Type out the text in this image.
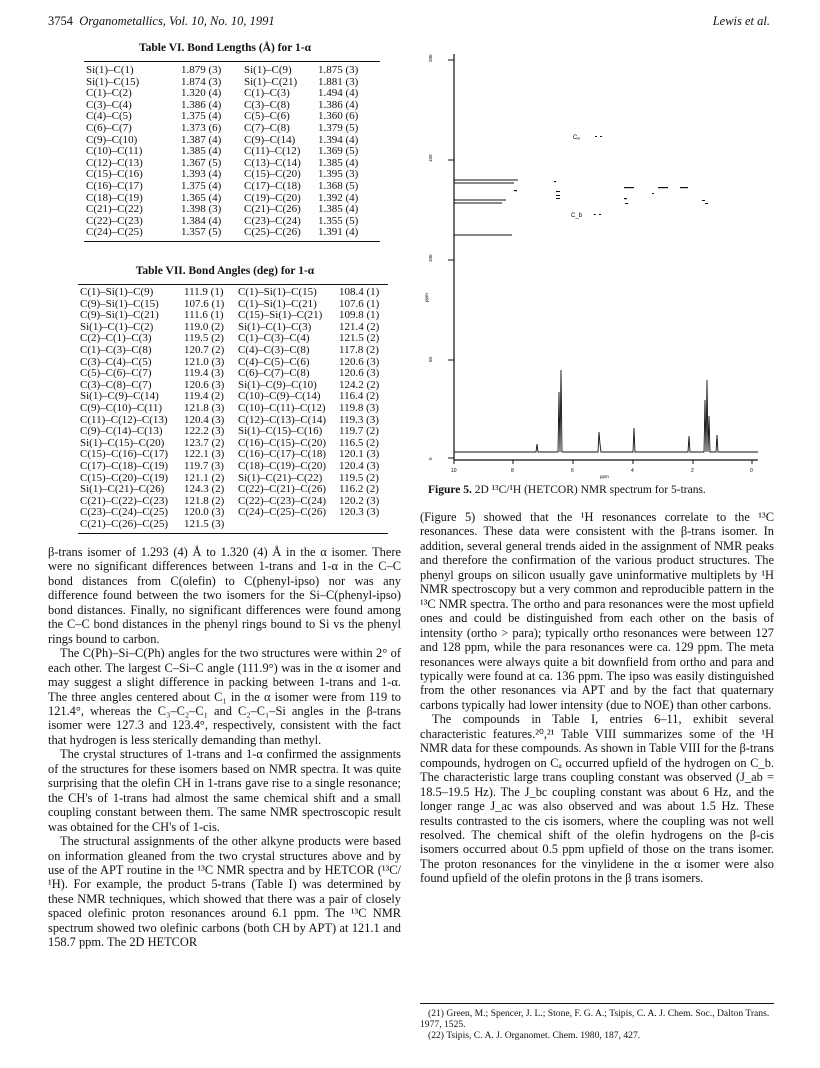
3754 Organometallics, Vol. 10, No. 10, 1991	Lewis et al.
Table VI. Bond Lengths (Å) for 1-α
Si(1)–C(1)	1.879 (3)	Si(1)–C(9)	1.875 (3)
Si(1)–C(15)	1.874 (3)	Si(1)–C(21)	1.881 (3)
C(1)–C(2)	1.320 (4)	C(1)–C(3)	1.494 (4)
C(3)–C(4)	1.386 (4)	C(3)–C(8)	1.386 (4)
C(4)–C(5)	1.375 (4)	C(5)–C(6)	1.360 (6)
C(6)–C(7)	1.373 (6)	C(7)–C(8)	1.379 (5)
C(9)–C(10)	1.387 (4)	C(9)–C(14)	1.394 (4)
C(10)–C(11)	1.385 (4)	C(11)–C(12)	1.369 (5)
C(12)–C(13)	1.367 (5)	C(13)–C(14)	1.385 (4)
C(15)–C(16)	1.393 (4)	C(15)–C(20)	1.395 (3)
C(16)–C(17)	1.375 (4)	C(17)–C(18)	1.368 (5)
C(18)–C(19)	1.365 (4)	C(19)–C(20)	1.392 (4)
C(21)–C(22)	1.398 (3)	C(21)–C(26)	1.385 (4)
C(22)–C(23)	1.384 (4)	C(23)–C(24)	1.355 (5)
C(24)–C(25)	1.357 (5)	C(25)–C(26)	1.391 (4)
Table VII. Bond Angles (deg) for 1-α
C(1)–Si(1)–C(9)	111.9 (1)	C(1)–Si(1)–C(15)	108.4 (1)
C(9)–Si(1)–C(15)	107.6 (1)	C(1)–Si(1)–C(21)	107.6 (1)
C(9)–Si(1)–C(21)	111.6 (1)	C(15)–Si(1)–C(21)	109.8 (1)
Si(1)–C(1)–C(2)	119.0 (2)	Si(1)–C(1)–C(3)	121.4 (2)
C(2)–C(1)–C(3)	119.5 (2)	C(1)–C(3)–C(4)	121.5 (2)
C(1)–C(3)–C(8)	120.7 (2)	C(4)–C(3)–C(8)	117.8 (2)
C(3)–C(4)–C(5)	121.0 (3)	C(4)–C(5)–C(6)	120.6 (3)
C(5)–C(6)–C(7)	119.4 (3)	C(6)–C(7)–C(8)	120.6 (3)
C(3)–C(8)–C(7)	120.6 (3)	Si(1)–C(9)–C(10)	124.2 (2)
Si(1)–C(9)–C(14)	119.4 (2)	C(10)–C(9)–C(14)	116.4 (2)
C(9)–C(10)–C(11)	121.8 (3)	C(10)–C(11)–C(12)	119.8 (3)
C(11)–C(12)–C(13)	120.4 (3)	C(12)–C(13)–C(14)	119.3 (3)
C(9)–C(14)–C(13)	122.2 (3)	Si(1)–C(15)–C(16)	119.7 (2)
Si(1)–C(15)–C(20)	123.7 (2)	C(16)–C(15)–C(20)	116.5 (2)
C(15)–C(16)–C(17)	122.1 (3)	C(16)–C(17)–C(18)	120.1 (3)
C(17)–C(18)–C(19)	119.7 (3)	C(18)–C(19)–C(20)	120.4 (3)
C(15)–C(20)–C(19)	121.1 (2)	Si(1)–C(21)–C(22)	119.5 (2)
Si(1)–C(21)–C(26)	124.3 (2)	C(22)–C(21)–C(26)	116.2 (2)
C(21)–C(22)–C(23)	121.8 (2)	C(22)–C(23)–C(24)	120.2 (3)
C(23)–C(24)–C(25)	120.0 (3)	C(24)–C(25)–C(26)	120.3 (3)
C(21)–C(26)–C(25)	121.5 (3)		

β-trans isomer of 1.293 (4) Å to 1.320 (4) Å in the α isomer. There were no significant differences between 1-trans and 1-α in the C–C bond distances from C(olefin) to C(phenyl-ipso) nor was any difference found between the two isomers for the Si–C(phenyl-ipso) bond distances. Finally, no significant differences were found among the C–C bond distances in the phenyl rings bound to Si vs the phenyl rings bound to carbon.

The C(Ph)–Si–C(Ph) angles for the two structures were within 2° of each other. The largest C–Si–C angle (111.9°) was in the α isomer and may suggest a slight difference in packing between 1-trans and 1-α. The three angles centered about C₁ in the α isomer were from 119 to 121.4°, whereas the C₃–C₂–C₁ and C₂–C₁–Si angles in the β-trans isomer were 127.3 and 123.4°, respectively, consistent with the fact that hydrogen is less sterically demanding than methyl.

The crystal structures of 1-trans and 1-α confirmed the assignments of the structures for these isomers based on NMR spectra. It was quite surprising that the olefin CH in 1-trans gave rise to a single resonance; the CH's of 1-trans had almost the same chemical shift and a small coupling constant between them. The same NMR spectroscopic result was obtained for the CH's of 1-cis.

The structural assignments of the other alkyne products were based on information gleaned from the two crystal structures above and by use of the APT routine in the ¹³C NMR spectra and by HETCOR (¹³C/¹H). For example, the product 5-trans (Table I) was determined by these NMR techniques, which showed that there was a pair of closely spaced olefinic proton resonances around 6.1 ppm. The ¹³C NMR spectrum showed two olefinic carbons (both CH by APT) at 121.1 and 158.7 ppm. The 2D HETCOR

200
150
100
50
0
ppm
Cₐ
C_b
10	8	6	4	2	0
ppm
Figure 5. 2D ¹³C/¹H (HETCOR) NMR spectrum for 5-trans.

(Figure 5) showed that the ¹H resonances correlate to the ¹³C resonances. These data were consistent with the β-trans isomer. In addition, several general trends aided in the assignment of NMR peaks and therefore the confirmation of the various product structures. The phenyl groups on silicon usually gave uninformative multiplets by ¹H NMR spectroscopy but a very common and reproducible pattern in the ¹³C NMR spectra. The ortho and para resonances were the most upfield ones and could be distinguished from each other on the basis of intensity (ortho > para); typically ortho resonances were between 127 and 128 ppm, while the para resonances were ca. 129 ppm. The meta resonances were always quite a bit downfield from ortho and para and typically were found at ca. 136 ppm. The ipso was easily distinguished from the other resonances via APT and by the fact that quaternary carbons typically had lower intensity (due to NOE) than other carbons.

The compounds in Table I, entries 6–11, exhibit several characteristic features.²⁰,²¹ Table VIII summarizes some of the ¹H NMR data for these compounds. As shown in Table VIII for the β-trans compounds, hydrogen on Cₐ occurred upfield of the hydrogen on C_b. The characteristic large trans coupling constant was observed (J_ab = 18.5–19.5 Hz). The J_bc coupling constant was about 6 Hz, and the longer range J_ac was also observed and was about 1.5 Hz. These results contrasted to the cis isomers, where the coupling was not well resolved. The chemical shift of the olefin hydrogens on the β-cis isomers occurred about 0.5 ppm upfield of those on the trans isomer. The proton resonances for the vinylidene in the α isomer were also found upfield of the olefin protons in the β trans isomers.

(21) Green, M.; Spencer, J. L.; Stone, F. G. A.; Tsipis, C. A. J. Chem. Soc., Dalton Trans. 1977, 1525.
(22) Tsipis, C. A. J. Organomet. Chem. 1980, 187, 427.
